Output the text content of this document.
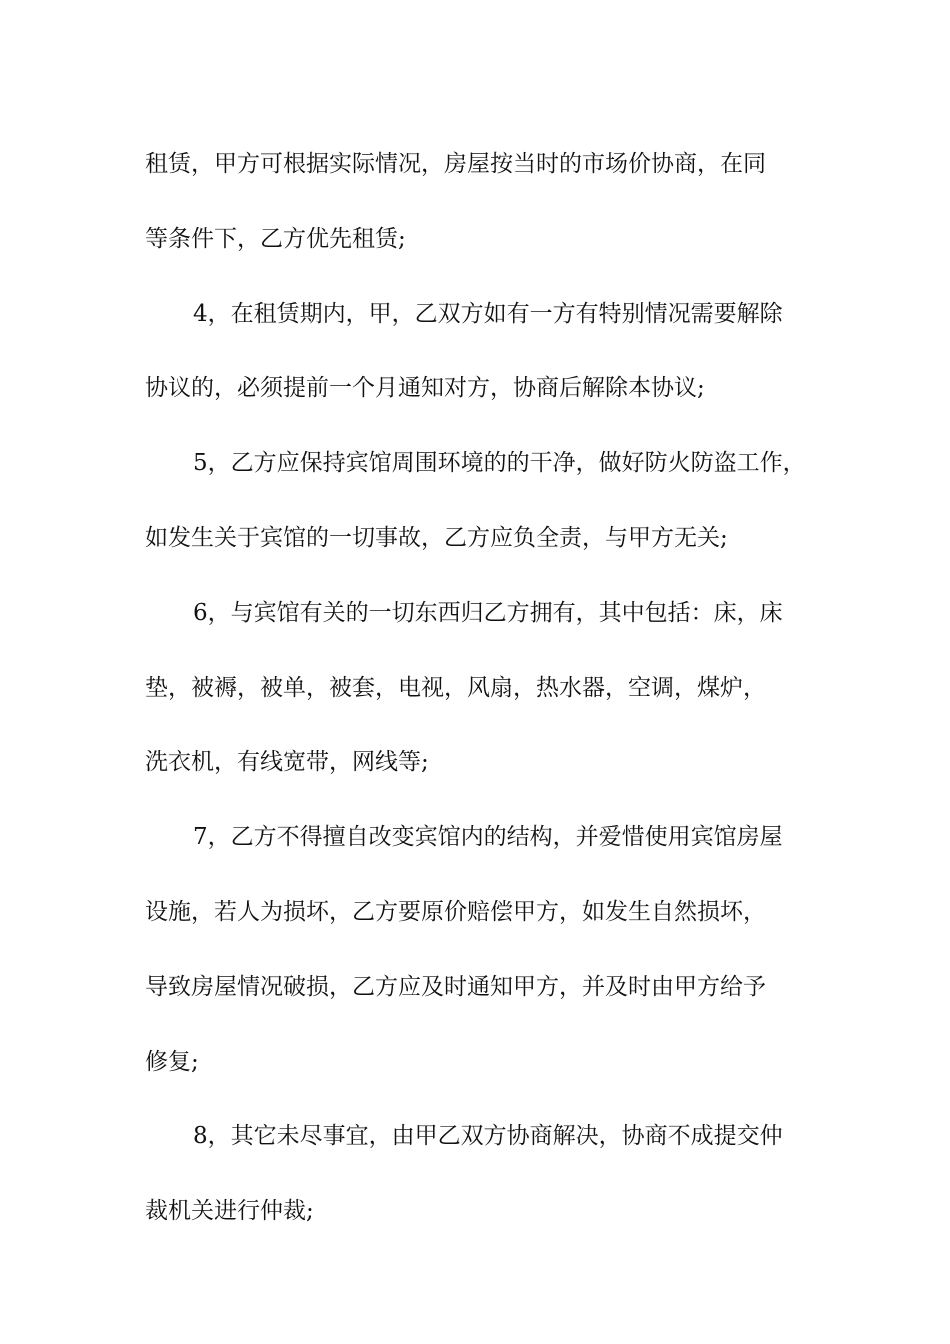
租赁，甲方可根据实际情况，房屋按当时的市场价协商，在同
等条件下，乙方优先租赁;
4，在租赁期内，甲，乙双方如有一方有特别情况需要解除
协议的，必须提前一个月通知对方，协商后解除本协议;
5，乙方应保持宾馆周围环境的的干净，做好防火防盗工作，
如发生关于宾馆的一切事故，乙方应负全责，与甲方无关;
6，与宾馆有关的一切东西归乙方拥有，其中包括：床，床
垫，被褥，被单，被套，电视，风扇，热水器，空调，煤炉，
洗衣机，有线宽带，网线等;
7，乙方不得擅自改变宾馆内的结构，并爱惜使用宾馆房屋
设施，若人为损坏，乙方要原价赔偿甲方，如发生自然损坏，
导致房屋情况破损，乙方应及时通知甲方，并及时由甲方给予
修复;
8，其它未尽事宜，由甲乙双方协商解决，协商不成提交仲
裁机关进行仲裁;
